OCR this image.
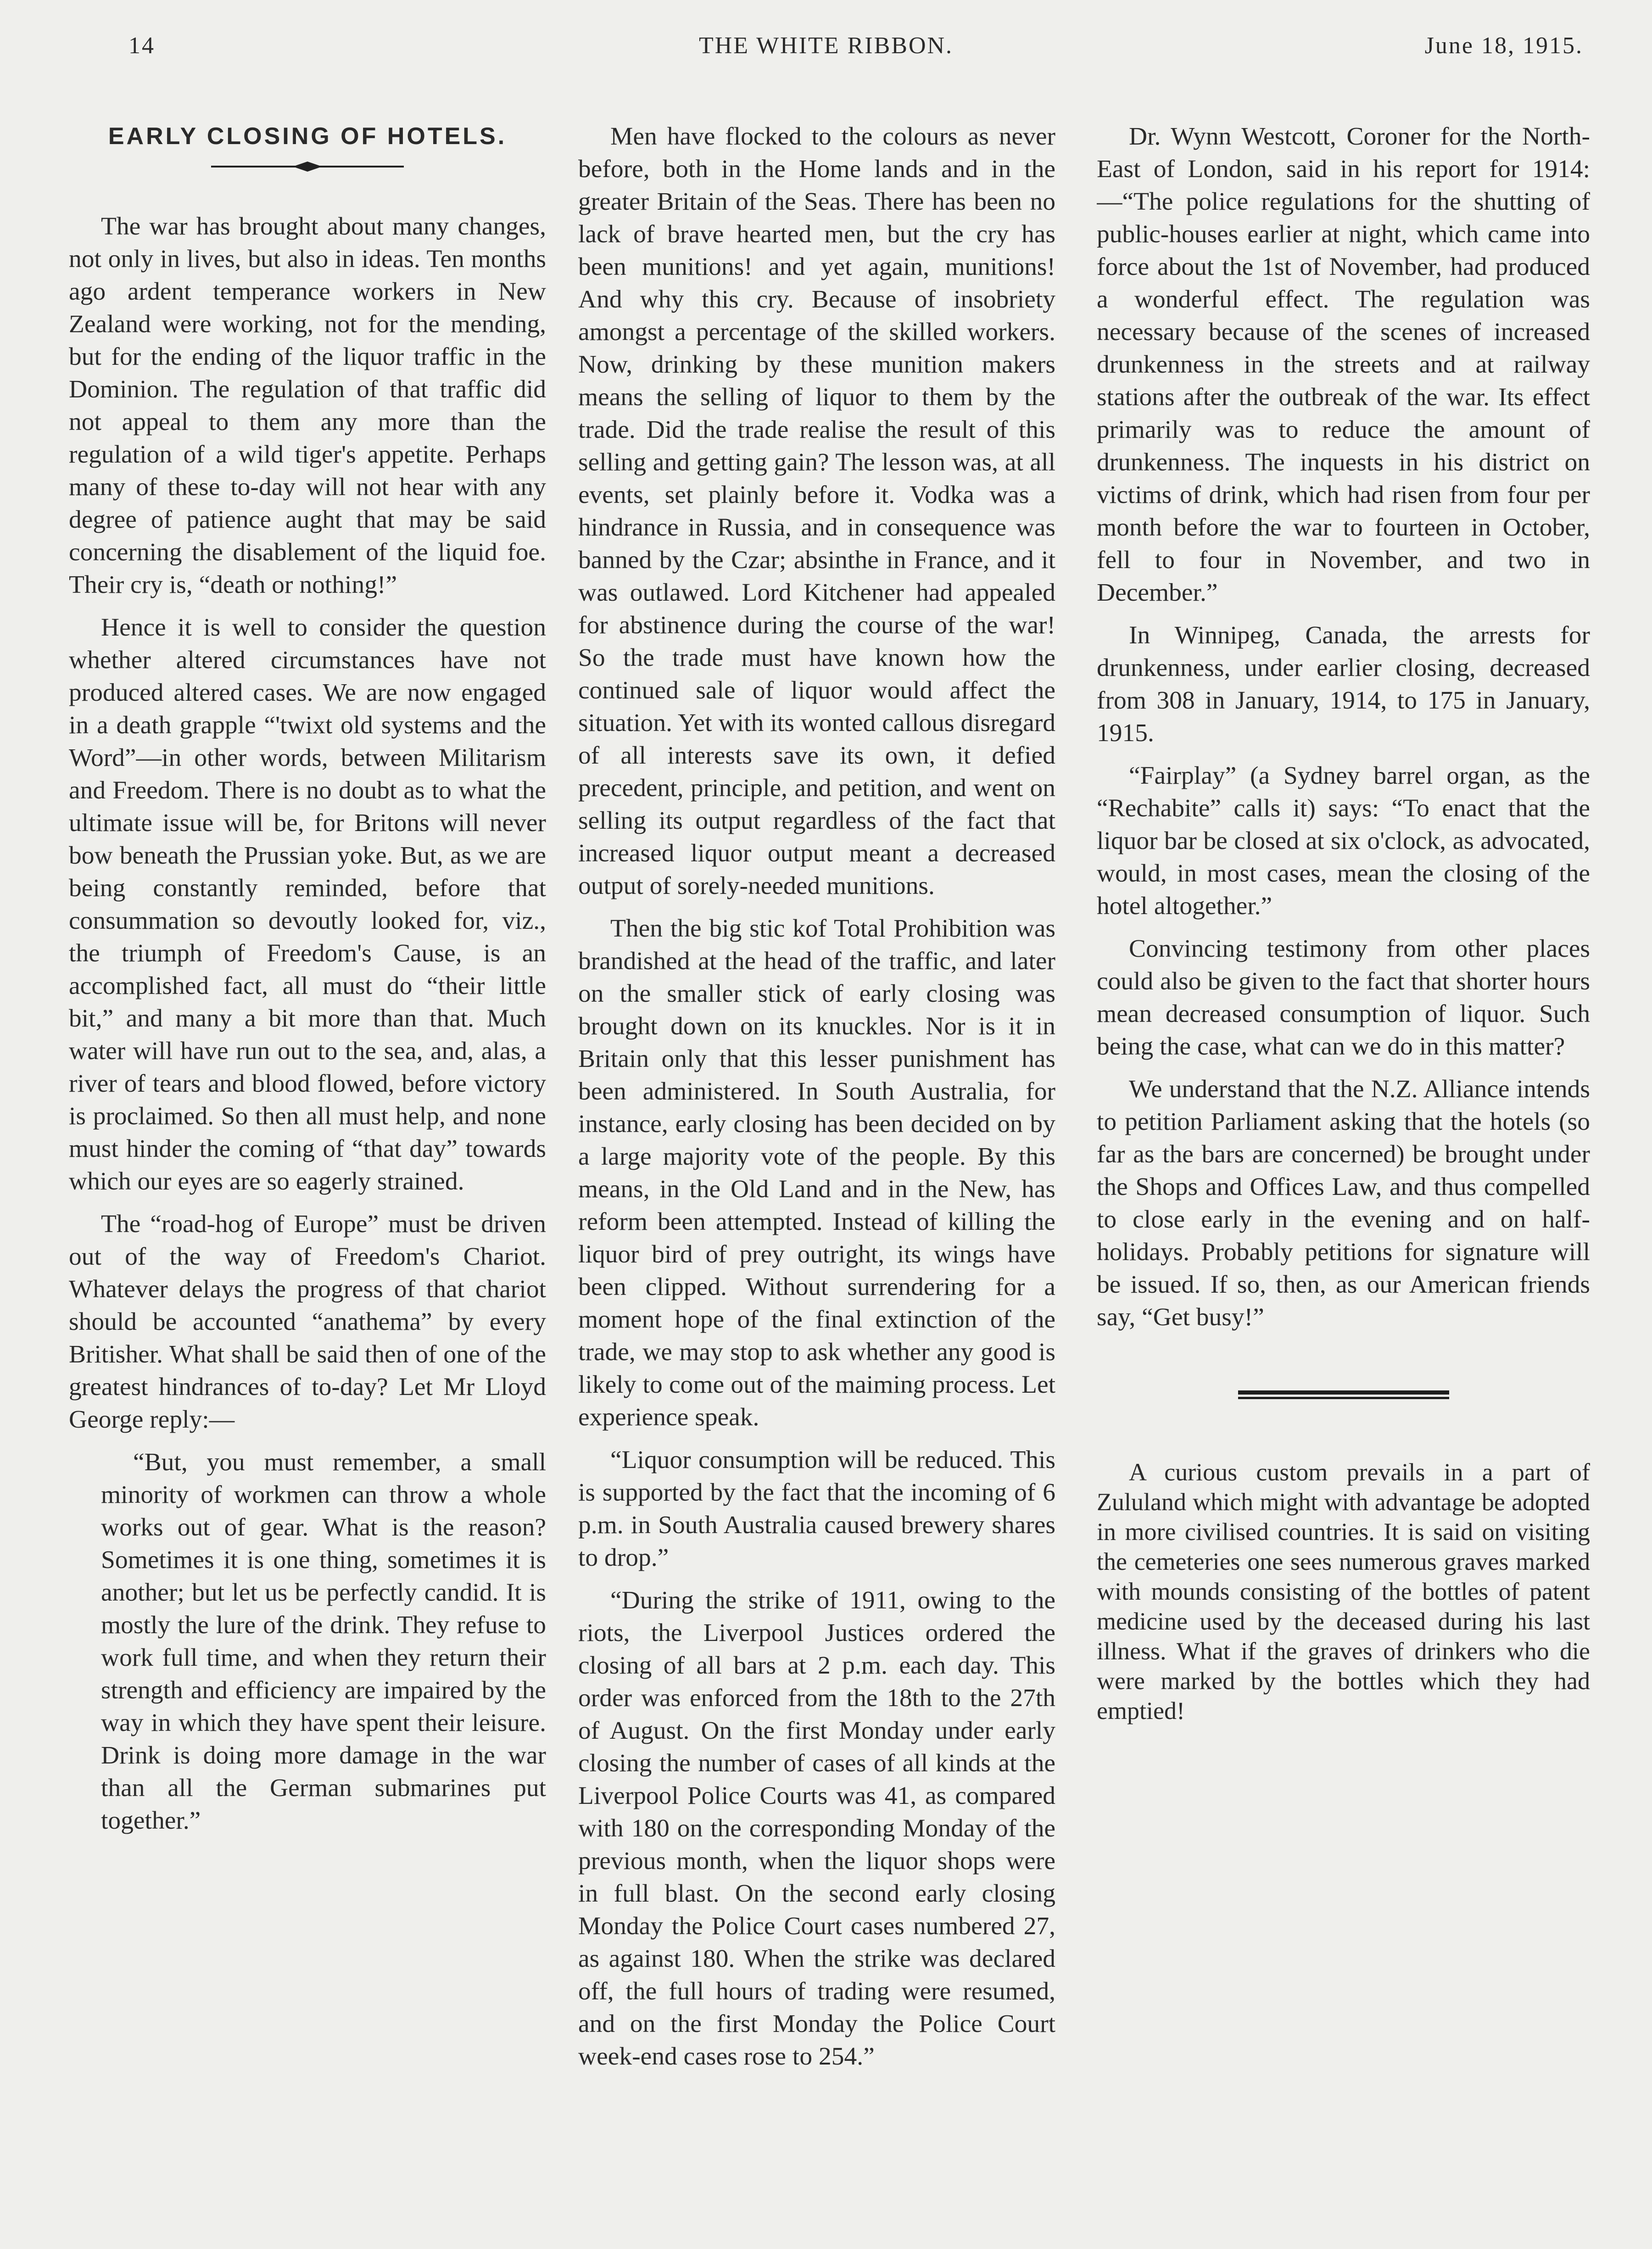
14	THE WHITE RIBBON.	June 18, 1915.
EARLY CLOSING OF HOTELS.

The war has brought about many changes, not only in lives, but also in ideas. Ten months ago ardent temperance workers in New Zealand were working, not for the mending, but for the ending of the liquor traffic in the Dominion. The regulation of that traffic did not appeal to them any more than the regulation of a wild tiger's appetite. Perhaps many of these to-day will not hear with any degree of patience aught that may be said concerning the disablement of the liquid foe. Their cry is, “death or nothing!”

Hence it is well to consider the question whether altered circumstances have not produced altered cases. We are now engaged in a death grapple “'twixt old systems and the Word”—in other words, between Militarism and Freedom. There is no doubt as to what the ultimate issue will be, for Britons will never bow beneath the Prussian yoke. But, as we are being constantly reminded, before that consummation so devoutly looked for, viz., the triumph of Freedom's Cause, is an accomplished fact, all must do “their little bit,” and many a bit more than that. Much water will have run out to the sea, and, alas, a river of tears and blood flowed, before victory is proclaimed. So then all must help, and none must hinder the coming of “that day” towards which our eyes are so eagerly strained.

The “road-hog of Europe” must be driven out of the way of Freedom's Chariot. Whatever delays the progress of that chariot should be accounted “anathema” by every Britisher. What shall be said then of one of the greatest hindrances of to-day? Let Mr Lloyd George reply:—

“But, you must remember, a small minority of workmen can throw a whole works out of gear. What is the reason? Sometimes it is one thing, sometimes it is another; but let us be perfectly candid. It is mostly the lure of the drink. They refuse to work full time, and when they return their strength and efficiency are impaired by the way in which they have spent their leisure. Drink is doing more damage in the war than all the German submarines put together.”

Men have flocked to the colours as never before, both in the Home lands and in the greater Britain of the Seas. There has been no lack of brave hearted men, but the cry has been munitions! and yet again, munitions! And why this cry. Because of insobriety amongst a percentage of the skilled workers. Now, drinking by these munition makers means the selling of liquor to them by the trade. Did the trade realise the result of this selling and getting gain? The lesson was, at all events, set plainly before it. Vodka was a hindrance in Russia, and in consequence was banned by the Czar; absinthe in France, and it was outlawed. Lord Kitchener had appealed for abstinence during the course of the war! So the trade must have known how the continued sale of liquor would affect the situation. Yet with its wonted callous disregard of all interests save its own, it defied precedent, principle, and petition, and went on selling its output regardless of the fact that increased liquor output meant a decreased output of sorely-needed munitions.

Then the big stic kof Total Prohibition was brandished at the head of the traffic, and later on the smaller stick of early closing was brought down on its knuckles. Nor is it in Britain only that this lesser punishment has been administered. In South Australia, for instance, early closing has been decided on by a large majority vote of the people. By this means, in the Old Land and in the New, has reform been attempted. Instead of killing the liquor bird of prey outright, its wings have been clipped. Without surrendering for a moment hope of the final extinction of the trade, we may stop to ask whether any good is likely to come out of the maiming process. Let experience speak.

“Liquor consumption will be reduced. This is supported by the fact that the incoming of 6 p.m. in South Australia caused brewery shares to drop.”

“During the strike of 1911, owing to the riots, the Liverpool Justices ordered the closing of all bars at 2 p.m. each day. This order was enforced from the 18th to the 27th of August. On the first Monday under early closing the number of cases of all kinds at the Liverpool Police Courts was 41, as compared with 180 on the corresponding Monday of the previous month, when the liquor shops were in full blast. On the second early closing Monday the Police Court cases numbered 27, as against 180. When the strike was declared off, the full hours of trading were resumed, and on the first Monday the Police Court week-end cases rose to 254.”

Dr. Wynn Westcott, Coroner for the North-East of London, said in his report for 1914:—“The police regulations for the shutting of public-houses earlier at night, which came into force about the 1st of November, had produced a wonderful effect. The regulation was necessary because of the scenes of increased drunkenness in the streets and at railway stations after the outbreak of the war. Its effect primarily was to reduce the amount of drunkenness. The inquests in his district on victims of drink, which had risen from four per month before the war to fourteen in October, fell to four in November, and two in December.”

In Winnipeg, Canada, the arrests for drunkenness, under earlier closing, decreased from 308 in January, 1914, to 175 in January, 1915.

“Fairplay” (a Sydney barrel organ, as the “Rechabite” calls it) says: “To enact that the liquor bar be closed at six o'clock, as advocated, would, in most cases, mean the closing of the hotel altogether.”

Convincing testimony from other places could also be given to the fact that shorter hours mean decreased consumption of liquor. Such being the case, what can we do in this matter?

We understand that the N.Z. Alliance intends to petition Parliament asking that the hotels (so far as the bars are concerned) be brought under the Shops and Offices Law, and thus compelled to close early in the evening and on half-holidays. Probably petitions for signature will be issued. If so, then, as our American friends say, “Get busy!”

A curious custom prevails in a part of Zululand which might with advantage be adopted in more civilised countries. It is said on visiting the cemeteries one sees numerous graves marked with mounds consisting of the bottles of patent medicine used by the deceased during his last illness. What if the graves of drinkers who die were marked by the bottles which they had emptied!
